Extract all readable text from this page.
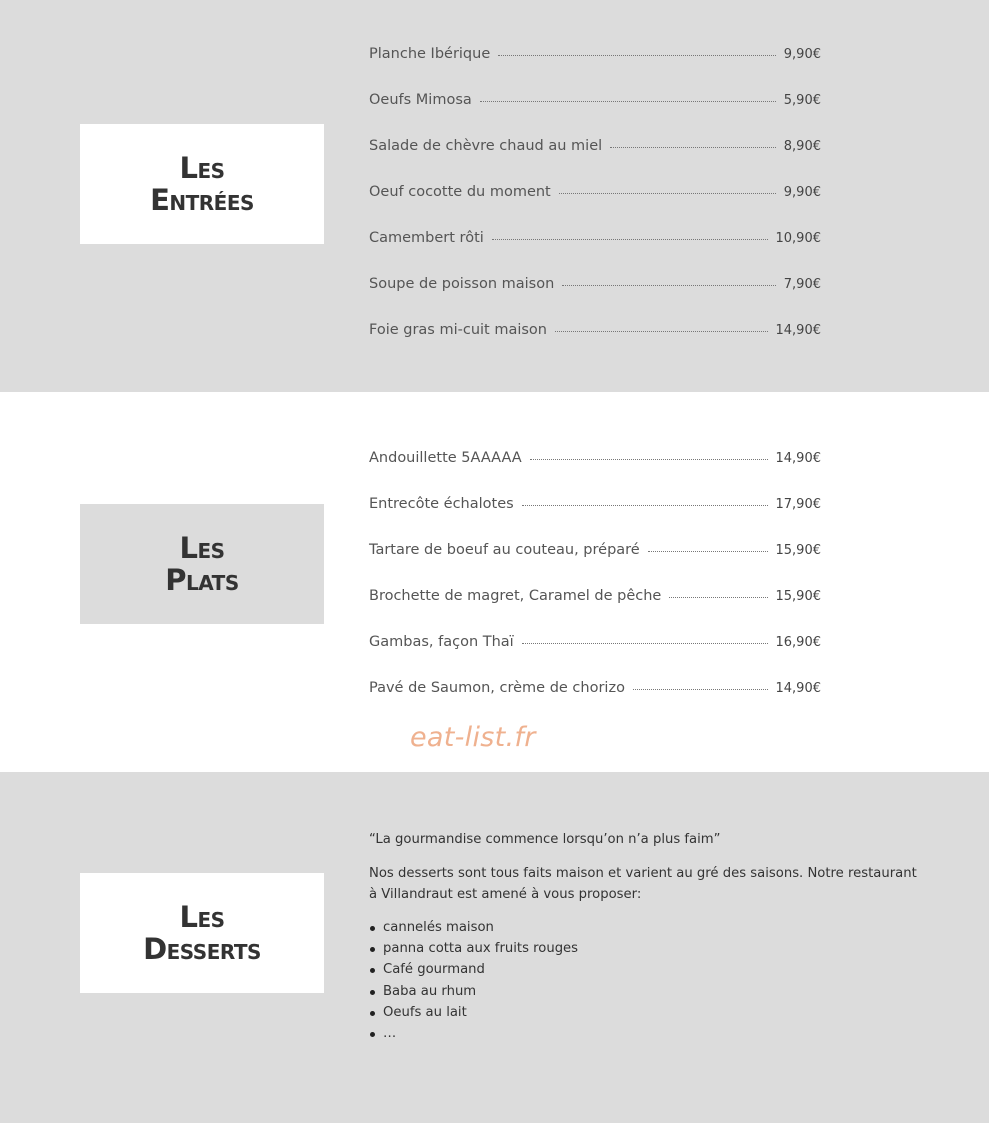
Les
Entrées
Planche Ibérique	9,90€
Oeufs Mimosa	5,90€
Salade de chèvre chaud au miel	8,90€
Oeuf cocotte du moment	9,90€
Camembert rôti	10,90€
Soupe de poisson maison	7,90€
Foie gras mi-cuit maison	14,90€
Les
Plats
Andouillette 5AAAAA	14,90€
Entrecôte échalotes	17,90€
Tartare de boeuf au couteau, préparé	15,90€
Brochette de magret, Caramel de pêche	15,90€
Gambas, façon Thaï	16,90€
Pavé de Saumon, crème de chorizo	14,90€
eat-list.fr
Les
Desserts

“La gourmandise commence lorsqu’on n’a plus faim”

Nos desserts sont tous faits maison et varient au gré des saisons. Notre restaurant à Villandraut est amené à vous proposer:

cannelés maison
panna cotta aux fruits rouges
Café gourmand
Baba au rhum
Oeufs au lait
…
